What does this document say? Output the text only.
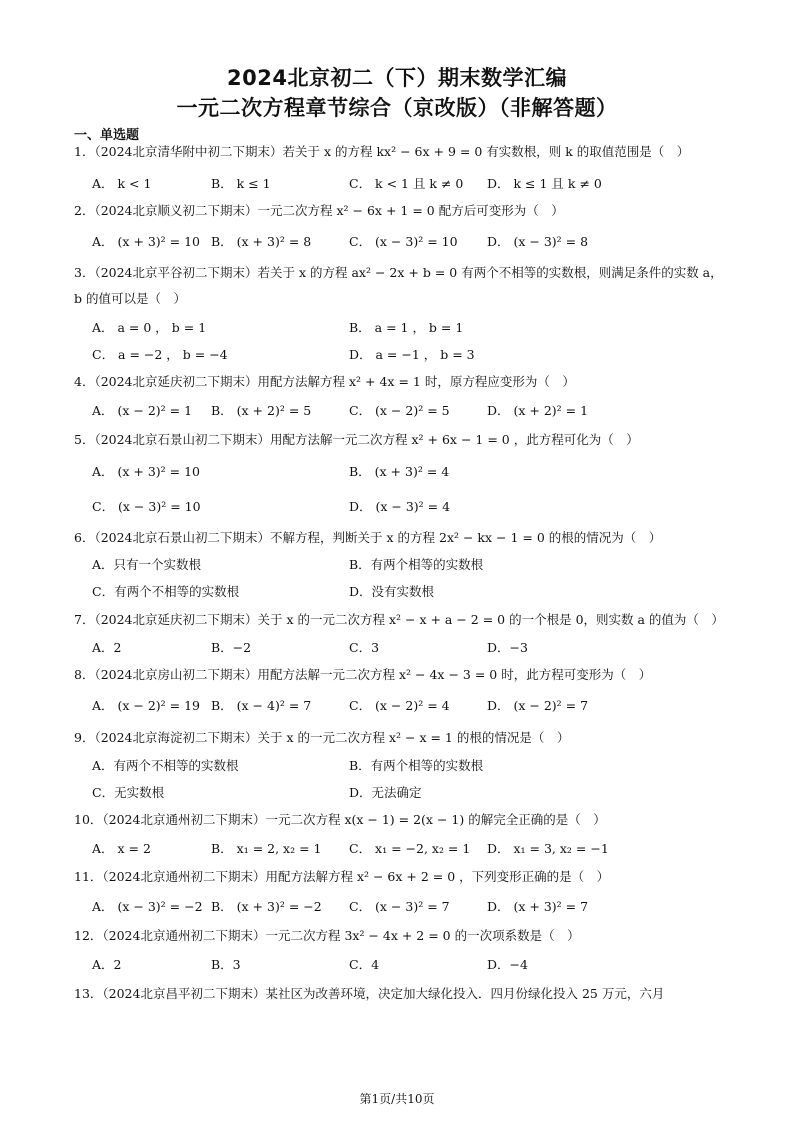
2024北京初二（下）期末数学汇编
一元二次方程章节综合（京改版）（非解答题）
一、单选题
1．（2024北京清华附中初二下期末）若关于 x 的方程 kx² − 6x + 9 = 0 有实数根，则 k 的取值范围是（　）
A． k < 1	B． k ≤ 1	C． k < 1 且 k ≠ 0 D． k ≤ 1 且 k ≠ 0
2．（2024北京顺义初二下期末）一元二次方程 x² − 6x + 1 = 0 配方后可变形为（　）
A． (x + 3)² = 10 B． (x + 3)² = 8	C． (x − 3)² = 10 D． (x − 3)² = 8
3．（2024北京平谷初二下期末）若关于 x 的方程 ax² − 2x + b = 0 有两个不相等的实数根，则满足条件的实数 a，
b 的值可以是（　）
A． a = 0 ， b = 1	B． a = 1 ， b = 1
C． a = −2 ， b = −4	D． a = −1 ， b = 3
4．（2024北京延庆初二下期末）用配方法解方程 x² + 4x = 1 时，原方程应变形为（　）
A． (x − 2)² = 1 B． (x + 2)² = 5	C． (x − 2)² = 5	D． (x + 2)² = 1
5．（2024北京石景山初二下期末）用配方法解一元二次方程 x² + 6x − 1 = 0 ，此方程可化为（　）
A． (x + 3)² = 10	B． (x + 3)² = 4
C． (x − 3)² = 10	D． (x − 3)² = 4
6．（2024北京石景山初二下期末）不解方程，判断关于 x 的方程 2x² − kx − 1 = 0 的根的情况为（　）
A．只有一个实数根	B．有两个相等的实数根
C．有两个不相等的实数根	D．没有实数根
7．（2024北京延庆初二下期末）关于 x 的一元二次方程 x² − x + a − 2 = 0 的一个根是 0，则实数 a 的值为（　）
A．2	B．−2	C．3	D．−3
8．（2024北京房山初二下期末）用配方法解一元二次方程 x² − 4x − 3 = 0 时，此方程可变形为（　）
A． (x − 2)² = 19 B． (x − 4)² = 7	C． (x − 2)² = 4	D． (x − 2)² = 7
9．（2024北京海淀初二下期末）关于 x 的一元二次方程 x² − x = 1 的根的情况是（　）
A．有两个不相等的实数根	B．有两个相等的实数根
C．无实数根	D．无法确定
10．（2024北京通州初二下期末）一元二次方程 x(x − 1) = 2(x − 1) 的解完全正确的是（　）
A． x = 2	B． x₁ = 2, x₂ = 1 C． x₁ = −2, x₂ = 1 D． x₁ = 3, x₂ = −1
11．（2024北京通州初二下期末）用配方法解方程 x² − 6x + 2 = 0 ，下列变形正确的是（　）
A． (x − 3)² = −2 B． (x + 3)² = −2 C． (x − 3)² = 7	D． (x + 3)² = 7
12．（2024北京通州初二下期末）一元二次方程 3x² − 4x + 2 = 0 的一次项系数是（　）
A．2	B．3	C．4	D．−4
13．（2024北京昌平初二下期末）某社区为改善环境，决定加大绿化投入．四月份绿化投入 25 万元，六月
第1页/共10页
